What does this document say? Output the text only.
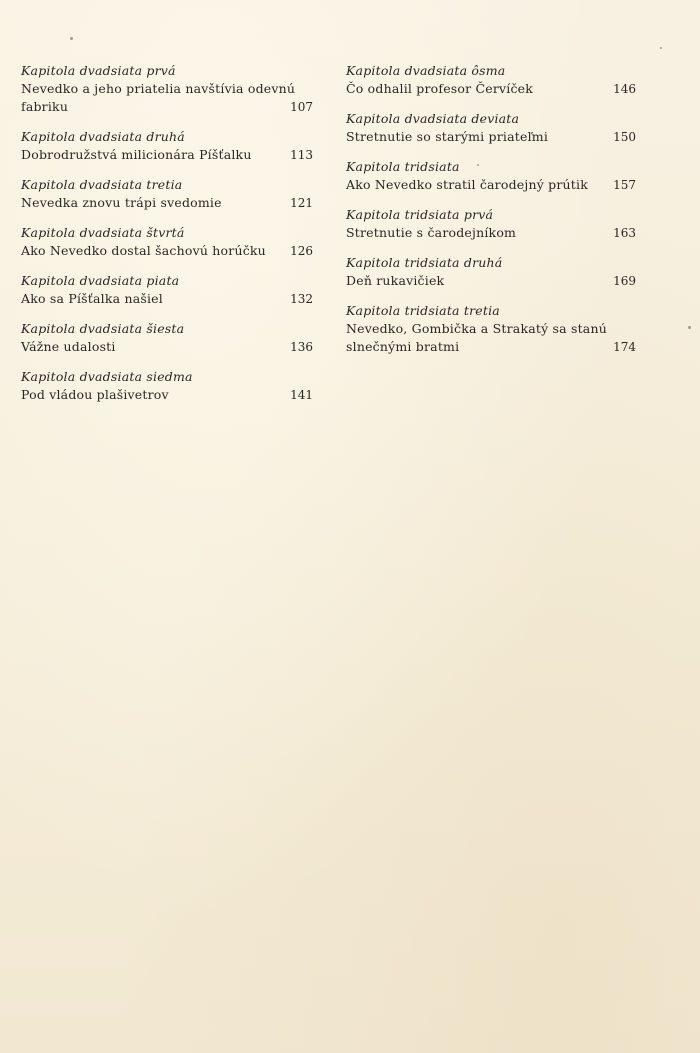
Kapitola dvadsiata prvá
Nevedko a jeho priatelia navštívia odevnú
fabriku	107
Kapitola dvadsiata druhá
Dobrodružstvá milicionára Píšťalku	113
Kapitola dvadsiata tretia
Nevedka znovu trápi svedomie	121
Kapitola dvadsiata štvrtá
Ako Nevedko dostal šachovú horúčku 126
Kapitola dvadsiata piata
Ako sa Píšťalka našiel	132
Kapitola dvadsiata šiesta
Vážne udalosti	136
Kapitola dvadsiata siedma
Pod vládou plašivetrov	141
Kapitola dvadsiata ôsma
Čo odhalil profesor Červíček	146
Kapitola dvadsiata deviata
Stretnutie so starými priateľmi	150
Kapitola tridsiata
Ako Nevedko stratil čarodejný prútik 157
Kapitola tridsiata prvá
Stretnutie s čarodejníkom	163
Kapitola tridsiata druhá
Deň rukavičiek	169
Kapitola tridsiata tretia
Nevedko, Gombička a Strakatý sa stanú
slnečnými bratmi	174
